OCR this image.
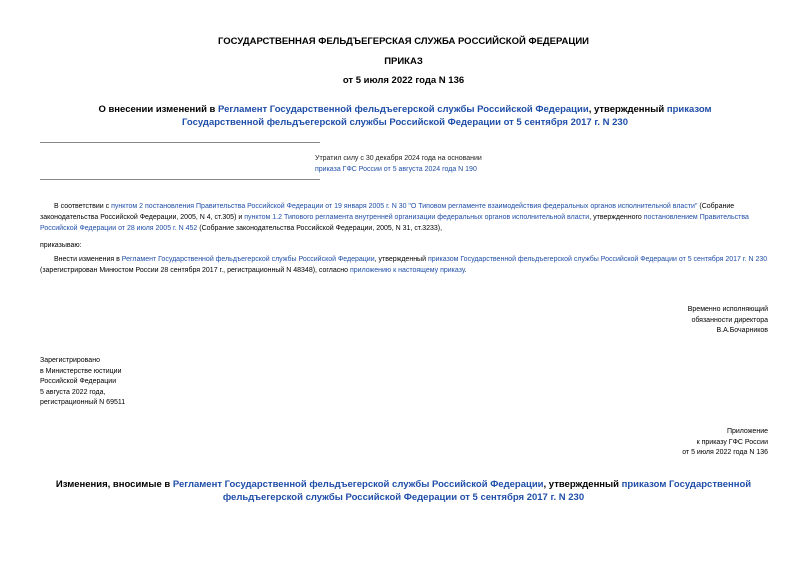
ГОСУДАРСТВЕННАЯ ФЕЛЬДЪЕГЕРСКАЯ СЛУЖБА РОССИЙСКОЙ ФЕДЕРАЦИИ
ПРИКАЗ
от 5 июля 2022 года N 136
О внесении изменений в Регламент Государственной фельдъегерской службы Российской Федерации, утвержденный приказом Государственной фельдъегерской службы Российской Федерации от 5 сентября 2017 г. N 230
Утратил силу с 30 декабря 2024 года на основании
приказа ГФС России от 5 августа 2024 года N 190
В соответствии с пунктом 2 постановления Правительства Российской Федерации от 19 января 2005 г. N 30 "О Типовом регламенте взаимодействия федеральных органов исполнительной власти" (Собрание законодательства Российской Федерации, 2005, N 4, ст.305) и пунктом 1.2 Типового регламента внутренней организации федеральных органов исполнительной власти, утвержденного постановлением Правительства Российской Федерации от 28 июля 2005 г. N 452 (Собрание законодательства Российской Федерации, 2005, N 31, ст.3233),
приказываю:
Внести изменения в Регламент Государственной фельдъегерской службы Российской Федерации, утвержденный приказом Государственной фельдъегерской службы Российской Федерации от 5 сентября 2017 г. N 230 (зарегистрирован Минюстом России 28 сентября 2017 г., регистрационный N 48348), согласно приложению к настоящему приказу.
Временно исполняющий
обязанности директора
В.А.Бочарников
Зарегистрировано
в Министерстве юстиции
Российской Федерации
5 августа 2022 года,
регистрационный N 69511
Приложение
к приказу ГФС России
от 5 июля 2022 года N 136
Изменения, вносимые в Регламент Государственной фельдъегерской службы Российской Федерации, утвержденный приказом Государственной фельдъегерской службы Российской Федерации от 5 сентября 2017 г. N 230
